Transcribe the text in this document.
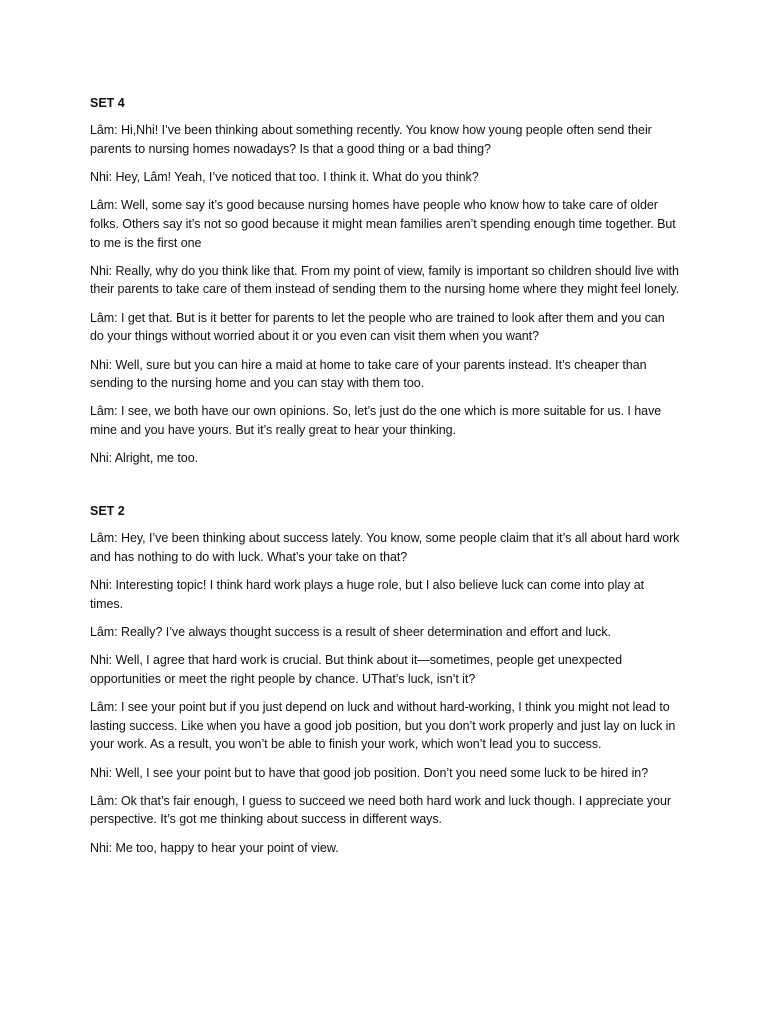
SET 4

Lâm: Hi,Nhi! I’ve been thinking about something recently. You know how young people often send their parents to nursing homes nowadays? Is that a good thing or a bad thing?

Nhi: Hey, Lâm! Yeah, I’ve noticed that too. I think it. What do you think?

Lâm: Well, some say it’s good because nursing homes have people who know how to take care of older folks. Others say it’s not so good because it might mean families aren’t spending enough time together. But to me is the first one

Nhi: Really, why do you think like that. From my point of view, family is important so children should live with their parents to take care of them instead of sending them to the nursing home where they might feel lonely.

Lâm: I get that. But is it better for parents to let the people who are trained to look after them and you can do your things without worried about it or you even can visit them when you want?

Nhi: Well, sure but you can hire a maid at home to take care of your parents instead. It’s cheaper than sending to the nursing home and you can stay with them too.

Lâm: I see, we both have our own opinions. So, let’s just do the one which is more suitable for us. I have mine and you have yours. But it’s really great to hear your thinking.

Nhi: Alright, me too.

SET 2

Lâm: Hey, I’ve been thinking about success lately. You know, some people claim that it’s all about hard work and has nothing to do with luck. What’s your take on that?

Nhi: Interesting topic! I think hard work plays a huge role, but I also believe luck can come into play at times.

Lâm: Really? I’ve always thought success is a result of sheer determination and effort and luck.

Nhi: Well, I agree that hard work is crucial. But think about it—sometimes, people get unexpected opportunities or meet the right people by chance. UThat’s luck, isn’t it?

Lâm: I see your point but if you just depend on luck and without hard-working, I think you might not lead to lasting success. Like when you have a good job position, but you don’t work properly and just lay on luck in your work. As a result, you won’t be able to finish your work, which won’t lead you to success.

Nhi: Well, I see your point but to have that good job position. Don’t you need some luck to be hired in?

Lâm: Ok that’s fair enough, I guess to succeed we need both hard work and luck though. I appreciate your perspective. It’s got me thinking about success in different ways.

Nhi: Me too, happy to hear your point of view.
